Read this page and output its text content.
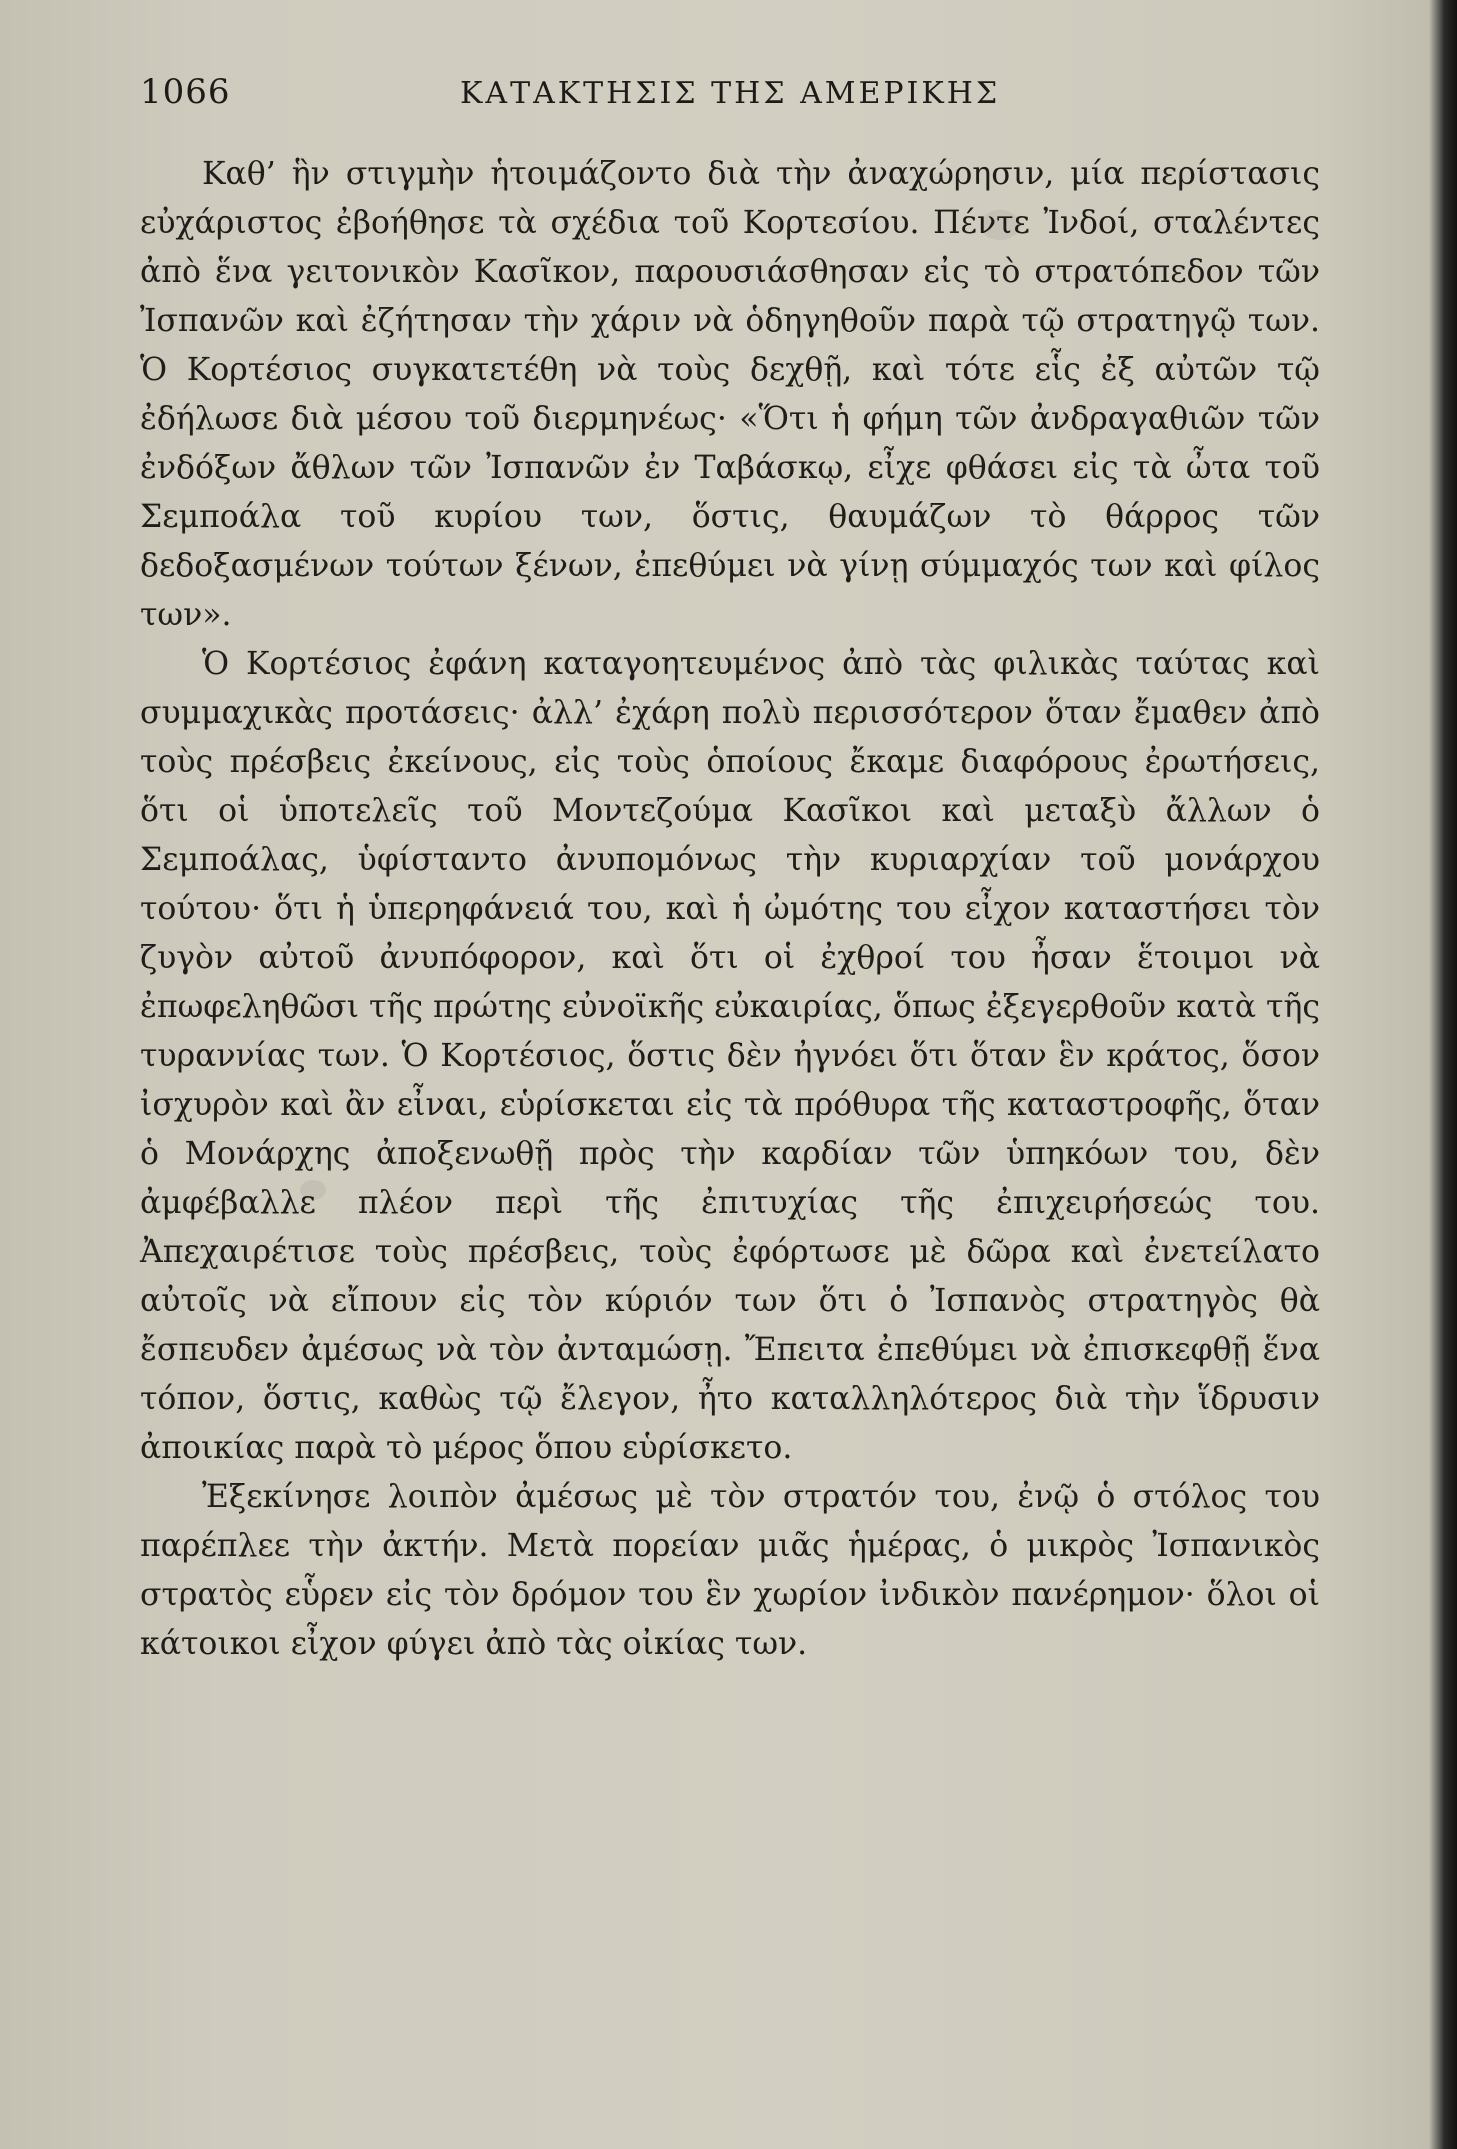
1066	ΚΑΤΑΚΤΗΣΙΣ ΤΗΣ ΑΜΕΡΙΚΗΣ

Καθ’ ἣν στιγμὴν ἡτοιμάζοντο διὰ τὴν ἀναχώρησιν, μία περίστασις εὐχάριστος ἐβοήθησε τὰ σχέδια τοῦ Κορτεσίου. Πέντε Ἰνδοί, σταλέντες ἀπὸ ἕνα γειτονικὸν Κασῖκον, παρουσιάσθησαν εἰς τὸ στρατόπεδον τῶν Ἰσπανῶν καὶ ἐζήτησαν τὴν χάριν νὰ ὁδηγηθοῦν παρὰ τῷ στρατηγῷ των. Ὁ Κορτέσιος συγκατετέθη νὰ τοὺς δεχθῇ, καὶ τότε εἷς ἐξ αὐτῶν τῷ ἐδήλωσε διὰ μέσου τοῦ διερμηνέως· «Ὅτι ἡ φήμη τῶν ἀνδραγαθιῶν τῶν ἐνδόξων ἄθλων τῶν Ἰσπανῶν ἐν Ταβάσκῳ, εἶχε φθάσει εἰς τὰ ὦτα τοῦ Σεμποάλα τοῦ κυρίου των, ὅστις, θαυμάζων τὸ θάρρος τῶν δεδοξασμένων τούτων ξένων, ἐπεθύμει νὰ γίνῃ σύμμαχός των καὶ φίλος των».

Ὁ Κορτέσιος ἐφάνη καταγοητευμένος ἀπὸ τὰς φιλικὰς ταύτας καὶ συμμαχικὰς προτάσεις· ἀλλ’ ἐχάρη πολὺ περισσότερον ὅταν ἔμαθεν ἀπὸ τοὺς πρέσβεις ἐκείνους, εἰς τοὺς ὁποίους ἔκαμε διαφόρους ἐρωτήσεις, ὅτι οἱ ὑποτελεῖς τοῦ Μοντεζούμα Κασῖκοι καὶ μεταξὺ ἄλλων ὁ Σεμποάλας, ὑφίσταντο ἀνυπομόνως τὴν κυριαρχίαν τοῦ μονάρχου τούτου· ὅτι ἡ ὑπερηφάνειά του, καὶ ἡ ὠμότης του εἶχον καταστήσει τὸν ζυγὸν αὐτοῦ ἀνυπόφορον, καὶ ὅτι οἱ ἐχθροί του ἦσαν ἕτοιμοι νὰ ἐπωφεληθῶσι τῆς πρώτης εὐνοϊκῆς εὐκαιρίας, ὅπως ἐξεγερθοῦν κατὰ τῆς τυραννίας των. Ὁ Κορτέσιος, ὅστις δὲν ἠγνόει ὅτι ὅταν ἓν κράτος, ὅσον ἰσχυρὸν καὶ ἂν εἶναι, εὑρίσκεται εἰς τὰ πρόθυρα τῆς καταστροφῆς, ὅταν ὁ Μονάρχης ἀποξενωθῇ πρὸς τὴν καρδίαν τῶν ὑπηκόων του, δὲν ἀμφέβαλλε πλέον περὶ τῆς ἐπιτυχίας τῆς ἐπιχειρήσεώς του. Ἀπεχαιρέτισε τοὺς πρέσβεις, τοὺς ἐφόρτωσε μὲ δῶρα καὶ ἐνετείλατο αὐτοῖς νὰ εἴπουν εἰς τὸν κύριόν των ὅτι ὁ Ἰσπανὸς στρατηγὸς θὰ ἔσπευδεν ἀμέσως νὰ τὸν ἀνταμώσῃ. Ἔπειτα ἐπεθύμει νὰ ἐπισκεφθῇ ἕνα τόπον, ὅστις, καθὼς τῷ ἔλεγον, ἦτο καταλληλότερος διὰ τὴν ἵδρυσιν ἀποικίας παρὰ τὸ μέρος ὅπου εὑρίσκετο.

Ἐξεκίνησε λοιπὸν ἀμέσως μὲ τὸν στρατόν του, ἐνῷ ὁ στόλος του παρέπλεε τὴν ἀκτήν. Μετὰ πορείαν μιᾶς ἡμέρας, ὁ μικρὸς Ἰσπανικὸς στρατὸς εὗρεν εἰς τὸν δρόμον του ἓν χωρίον ἰνδικὸν πανέρημον· ὅλοι οἱ κάτοικοι εἶχον φύγει ἀπὸ τὰς οἰκίας των.
